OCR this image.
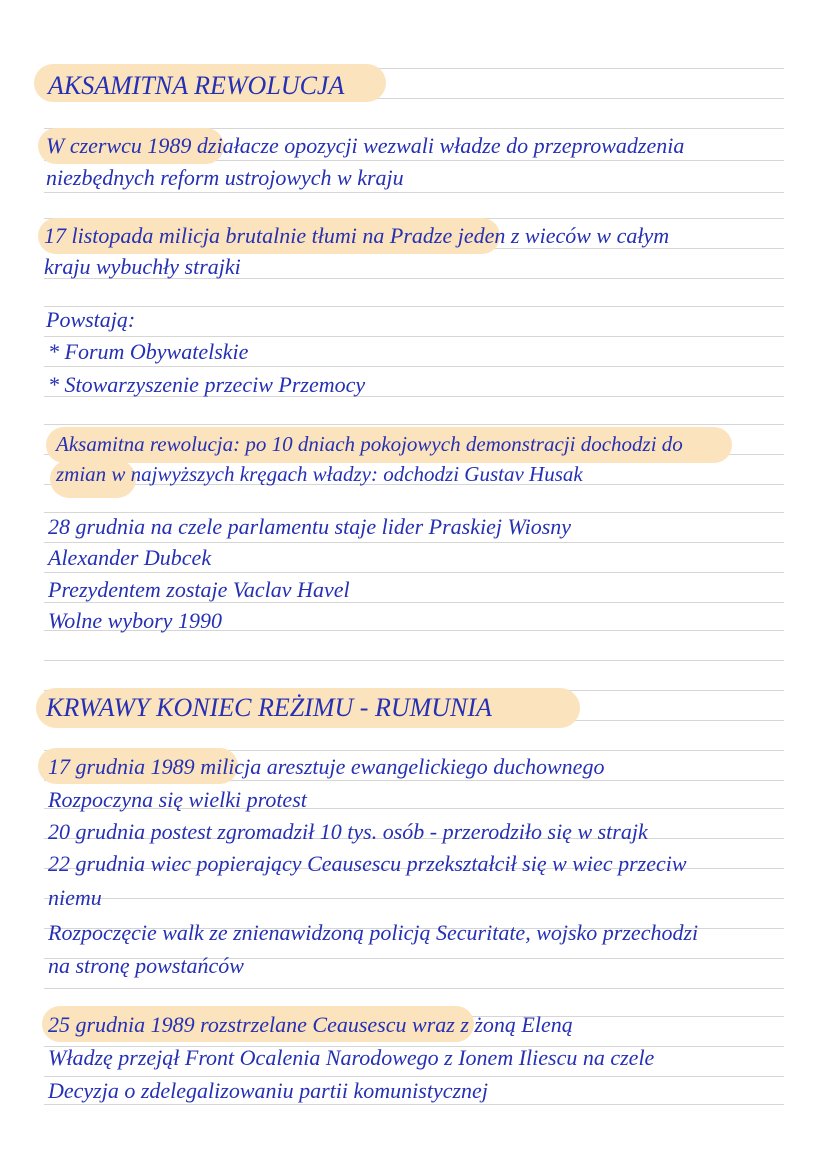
AKSAMITNA REWOLUCJA
W czerwcu 1989 działacze opozycji wezwali władze do przeprowadzenia
niezbędnych reform ustrojowych w kraju
17 listopada milicja brutalnie tłumi na Pradze jeden z wieców w całym
kraju wybuchły strajki
Powstają:
* Forum Obywatelskie
* Stowarzyszenie przeciw Przemocy
Aksamitna rewolucja: po 10 dniach pokojowych demonstracji dochodzi do
zmian w najwyższych kręgach władzy: odchodzi Gustav Husak
28 grudnia na czele parlamentu staje lider Praskiej Wiosny
Alexander Dubcek
Prezydentem zostaje Vaclav Havel
Wolne wybory 1990
KRWAWY KONIEC REŻIMU - RUMUNIA
17 grudnia 1989 milicja aresztuje ewangelickiego duchownego
Rozpoczyna się wielki protest
20 grudnia postest zgromadził 10 tys. osób - przerodziło się w strajk
22 grudnia wiec popierający Ceausescu przekształcił się w wiec przeciw
niemu
Rozpoczęcie walk ze znienawidzoną policją Securitate, wojsko przechodzi
na stronę powstańców
25 grudnia 1989 rozstrzelane Ceausescu wraz z żoną Eleną
Władzę przejął Front Ocalenia Narodowego z Ionem Iliescu na czele
Decyzja o zdelegalizowaniu partii komunistycznej
